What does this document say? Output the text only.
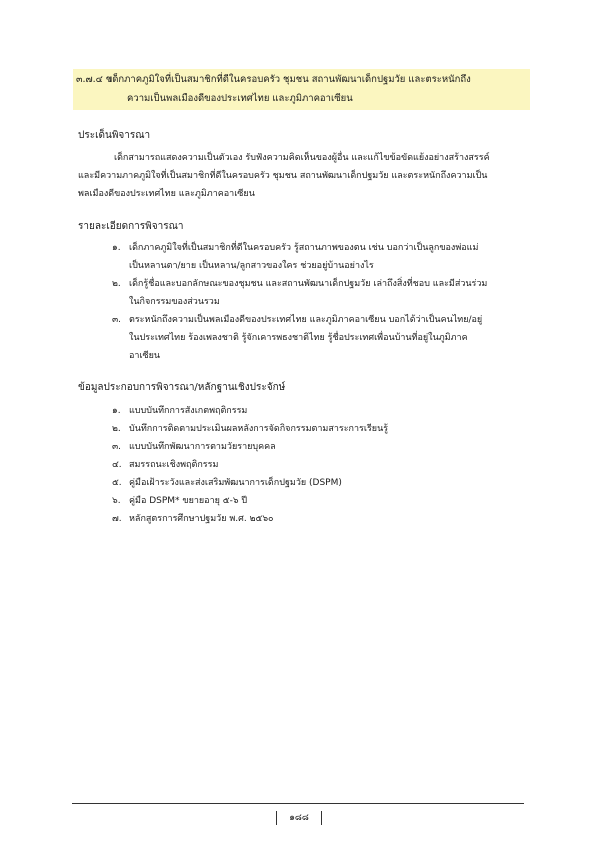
๓.๗.๔ ข
เด็กภาคภูมิใจที่เป็นสมาชิกที่ดีในครอบครัว ชุมชน สถานพัฒนาเด็กปฐมวัย และตระหนักถึง
ความเป็นพลเมืองดีของประเทศไทย และภูมิภาคอาเซียน
ประเด็นพิจารณา
เด็กสามารถแสดงความเป็นตัวเอง รับฟังความคิดเห็นของผู้อื่น และแก้ไขข้อขัดแย้งอย่างสร้างสรรค์
และมีความภาคภูมิใจที่เป็นสมาชิกที่ดีในครอบครัว ชุมชน สถานพัฒนาเด็กปฐมวัย และตระหนักถึงความเป็น
พลเมืองดีของประเทศไทย และภูมิภาคอาเซียน
รายละเอียดการพิจารณา
๑. เด็กภาคภูมิใจที่เป็นสมาชิกที่ดีในครอบครัว รู้สถานภาพของตน เช่น บอกว่าเป็นลูกของพ่อแม่
เป็นหลานตา/ยาย เป็นหลาน/ลูกสาวของใคร ช่วยอยู่บ้านอย่างไร
๒. เด็กรู้ชื่อและบอกลักษณะของชุมชน และสถานพัฒนาเด็กปฐมวัย เล่าถึงสิ่งที่ชอบ และมีส่วนร่วม
ในกิจกรรมของส่วนรวม
๓. ตระหนักถึงความเป็นพลเมืองดีของประเทศไทย และภูมิภาคอาเซียน บอกได้ว่าเป็นคนไทย/อยู่
ในประเทศไทย ร้องเพลงชาติ รู้จักเคารพธงชาติไทย รู้ชื่อประเทศเพื่อนบ้านที่อยู่ในภูมิภาค
อาเซียน
ข้อมูลประกอบการพิจารณา/หลักฐานเชิงประจักษ์
๑. แบบบันทึกการสังเกตพฤติกรรม
๒. บันทึกการติดตามประเมินผลหลังการจัดกิจกรรมตามสาระการเรียนรู้
๓. แบบบันทึกพัฒนาการตามวัยรายบุคคล
๔. สมรรถนะเชิงพฤติกรรม
๕. คู่มือเฝ้าระวังและส่งเสริมพัฒนาการเด็กปฐมวัย (DSPM)
๖. คู่มือ DSPM* ขยายอายุ ๕-๖ ปี
๗. หลักสูตรการศึกษาปฐมวัย พ.ศ. ๒๕๖๐
๑๘๘
